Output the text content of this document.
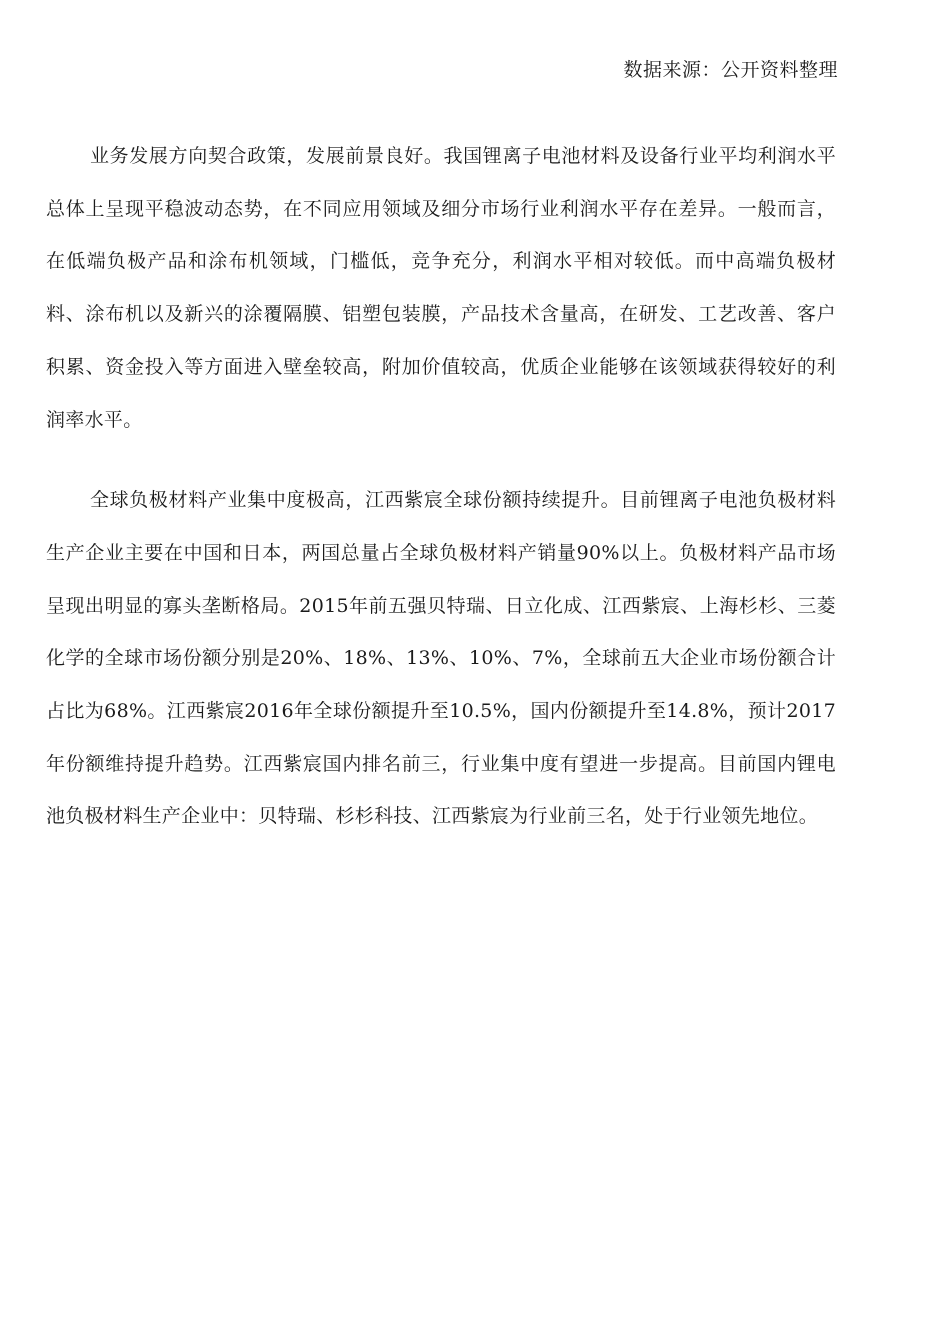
数据来源：公开资料整理

业务发展方向契合政策，发展前景良好。我国锂离子电池材料及设备行业平均利润水平总体上呈现平稳波动态势，在不同应用领域及细分市场行业利润水平存在差异。一般而言，在低端负极产品和涂布机领域，门槛低，竞争充分，利润水平相对较低。而中高端负极材料、涂布机以及新兴的涂覆隔膜、铝塑包装膜，产品技术含量高，在研发、工艺改善、客户积累、资金投入等方面进入壁垒较高，附加价值较高，优质企业能够在该领域获得较好的利润率水平。

全球负极材料产业集中度极高，江西紫宸全球份额持续提升。目前锂离子电池负极材料生产企业主要在中国和日本，两国总量占全球负极材料产销量90%以上。负极材料产品市场呈现出明显的寡头垄断格局。2015年前五强贝特瑞、日立化成、江西紫宸、上海杉杉、三菱化学的全球市场份额分别是20%、18%、13%、10%、7%，全球前五大企业市场份额合计占比为68%。江西紫宸2016年全球份额提升至10.5%，国内份额提升至14.8%，预计2017年份额维持提升趋势。江西紫宸国内排名前三，行业集中度有望进一步提高。目前国内锂电池负极材料生产企业中：贝特瑞、杉杉科技、江西紫宸为行业前三名，处于行业领先地位。
